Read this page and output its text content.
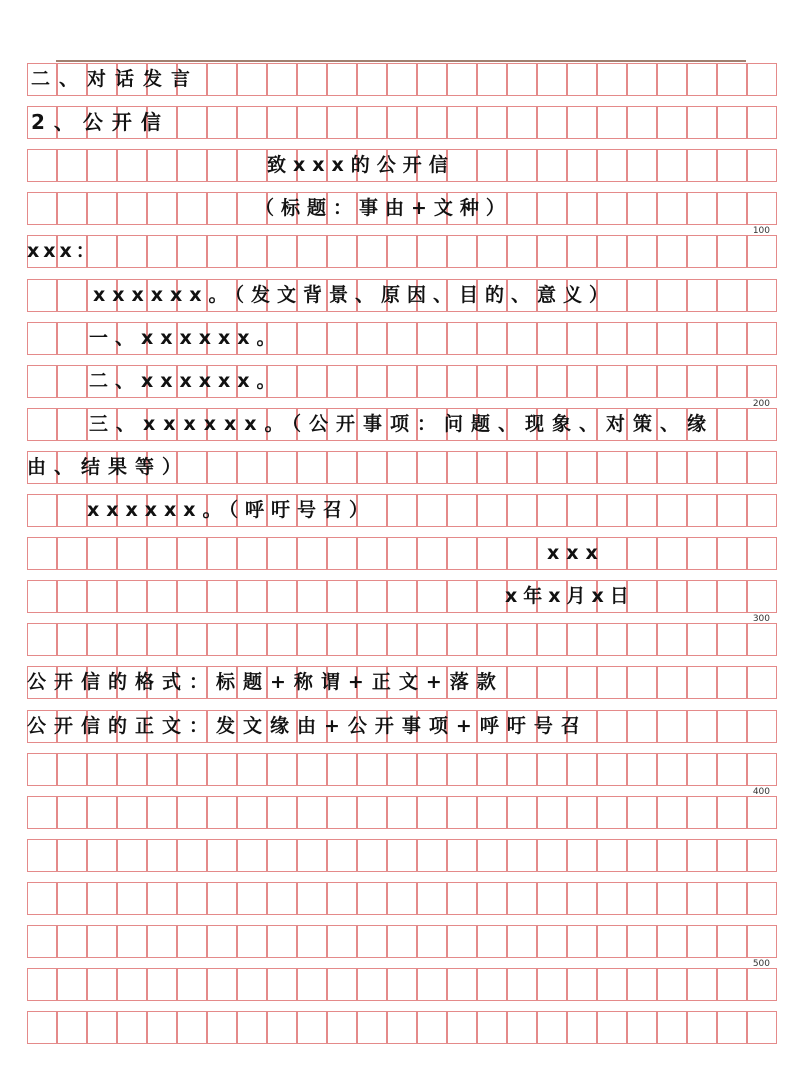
二、对话发言
2、公开信
致xxx的公开信
（标题：事由+文种）
xxx：
xxxxxx。（发文背景、原因、目的、意义）
一、xxxxxx。
二、xxxxxx。
三、xxxxxx。（公开事项：问题、现象、对策、缘
由、结果等）
xxxxxx。（呼吁号召）
xxx
x年x月x日
公开信的格式：标题+称谓+正文+落款
公开信的正文：发文缘由+公开事项+呼吁号召
100
200
300
400
500
